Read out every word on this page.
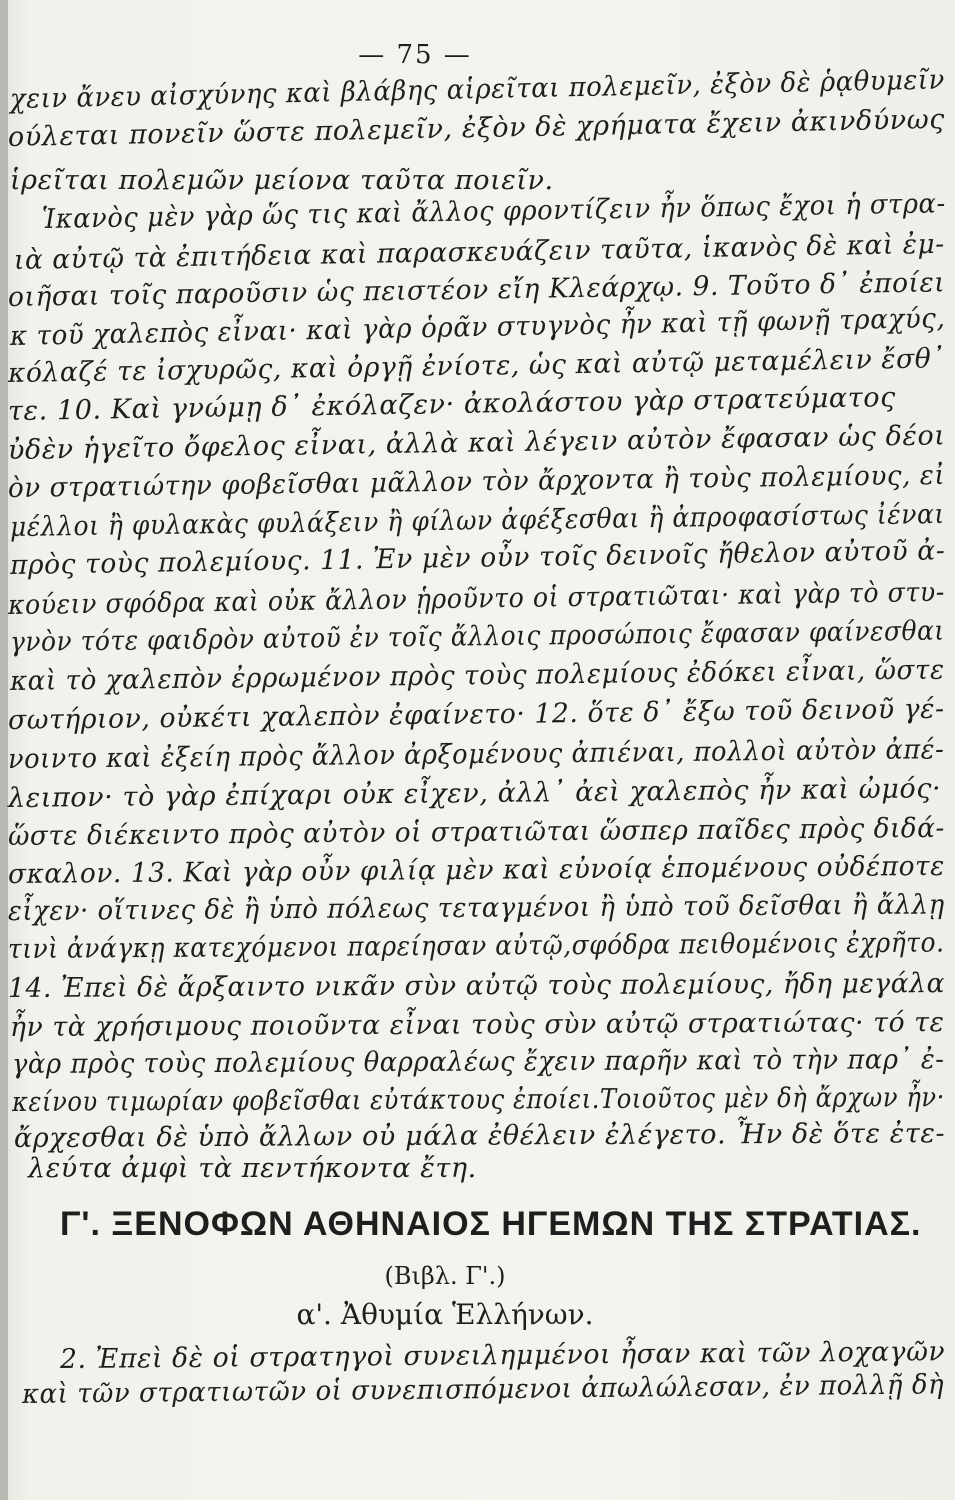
— 75 —
χειν ἄνευ αἰσχύνης καὶ βλάβης αἱρεῖται πολεμεῖν, ἐξὸν δὲ ῥᾳθυμεῖν
ούλεται πονεῖν ὥστε πολεμεῖν, ἐξὸν δὲ χρήματα ἔχειν ἀκινδύνως
ἱρεῖται πολεμῶν μείονα ταῦτα ποιεῖν.
Ἱκανὸς μὲν γὰρ ὥς τις καὶ ἄλλος φροντίζειν ἦν ὅπως ἔχοι ἡ στρα-
ιὰ αὐτῷ τὰ ἐπιτήδεια καὶ παρασκευάζειν ταῦτα, ἱκανὸς δὲ καὶ ἐμ-
οιῆσαι τοῖς παροῦσιν ὡς πειστέον εἴη Κλεάρχῳ. 9. Τοῦτο δ᾽ ἐποίει
κ τοῦ χαλεπὸς εἶναι· καὶ γὰρ ὁρᾶν στυγνὸς ἦν καὶ τῇ φωνῇ τραχύς,
κόλαζέ τε ἰσχυρῶς, καὶ ὀργῇ ἐνίοτε, ὡς καὶ αὐτῷ μεταμέλειν ἔσθ᾽
τε. 10. Καὶ γνώμῃ δ᾽ ἐκόλαζεν· ἀκολάστου γὰρ στρατεύματος
ὐδὲν ἡγεῖτο ὄφελος εἶναι, ἀλλὰ καὶ λέγειν αὐτὸν ἔφασαν ὡς δέοι
ὸν στρατιώτην φοβεῖσθαι μᾶλλον τὸν ἄρχοντα ἢ τοὺς πολεμίους, εἰ
μέλλοι ἢ φυλακὰς φυλάξειν ἢ φίλων ἀφέξεσθαι ἢ ἀπροφασίστως ἰέναι
πρὸς τοὺς πολεμίους. 11. Ἐν μὲν οὖν τοῖς δεινοῖς ἤθελον αὐτοῦ ἀ-
κούειν σφόδρα καὶ οὐκ ἄλλον ᾑροῦντο οἱ στρατιῶται· καὶ γὰρ τὸ στυ-
γνὸν τότε φαιδρὸν αὐτοῦ ἐν τοῖς ἄλλοις προσώποις ἔφασαν φαίνεσθαι
καὶ τὸ χαλεπὸν ἐρρωμένον πρὸς τοὺς πολεμίους ἐδόκει εἶναι, ὥστε
σωτήριον, οὐκέτι χαλεπὸν ἐφαίνετο· 12. ὅτε δ᾽ ἔξω τοῦ δεινοῦ γέ-
νοιντο καὶ ἐξείη πρὸς ἄλλον ἀρξομένους ἀπιέναι, πολλοὶ αὐτὸν ἀπέ-
λειπον· τὸ γὰρ ἐπίχαρι οὐκ εἶχεν, ἀλλ᾽ ἀεὶ χαλεπὸς ἦν καὶ ὠμός·
ὥστε διέκειντο πρὸς αὐτὸν οἱ στρατιῶται ὥσπερ παῖδες πρὸς διδά-
σκαλον. 13. Καὶ γὰρ οὖν φιλίᾳ μὲν καὶ εὐνοίᾳ ἑπομένους οὐδέποτε
εἶχεν· οἵτινες δὲ ἢ ὑπὸ πόλεως τεταγμένοι ἢ ὑπὸ τοῦ δεῖσθαι ἢ ἄλλῃ
τινὶ ἀνάγκῃ κατεχόμενοι παρείησαν αὐτῷ,σφόδρα πειθομένοις ἐχρῆτο.
14. Ἐπεὶ δὲ ἄρξαιντο νικᾶν σὺν αὐτῷ τοὺς πολεμίους, ἤδη μεγάλα
ἦν τὰ χρήσιμους ποιοῦντα εἶναι τοὺς σὺν αὐτῷ στρατιώτας· τό τε
γὰρ πρὸς τοὺς πολεμίους θαρραλέως ἔχειν παρῆν καὶ τὸ τὴν παρ᾽ ἐ-
κείνου τιμωρίαν φοβεῖσθαι εὐτάκτους ἐποίει.Τοιοῦτος μὲν δὴ ἄρχων ἦν·
ἄρχεσθαι δὲ ὑπὸ ἄλλων οὐ μάλα ἐθέλειν ἐλέγετο. Ἦν δὲ ὅτε ἐτε-
λεύτα ἀμφὶ τὰ πεντήκοντα ἔτη.
Γ'. ΞΕΝΟΦΩΝ ΑΘΗΝΑΙΟΣ ΗΓΕΜΩΝ ΤΗΣ ΣΤΡΑΤΙΑΣ.
(Βιβλ. Γ'.)
α'. Ἀθυμία Ἑλλήνων.
2. Ἐπεὶ δὲ οἱ στρατηγοὶ συνειλημμένοι ἦσαν καὶ τῶν λοχαγῶν
καὶ τῶν στρατιωτῶν οἱ συνεπισπόμενοι ἀπωλώλεσαν, ἐν πολλῇ δὴ
